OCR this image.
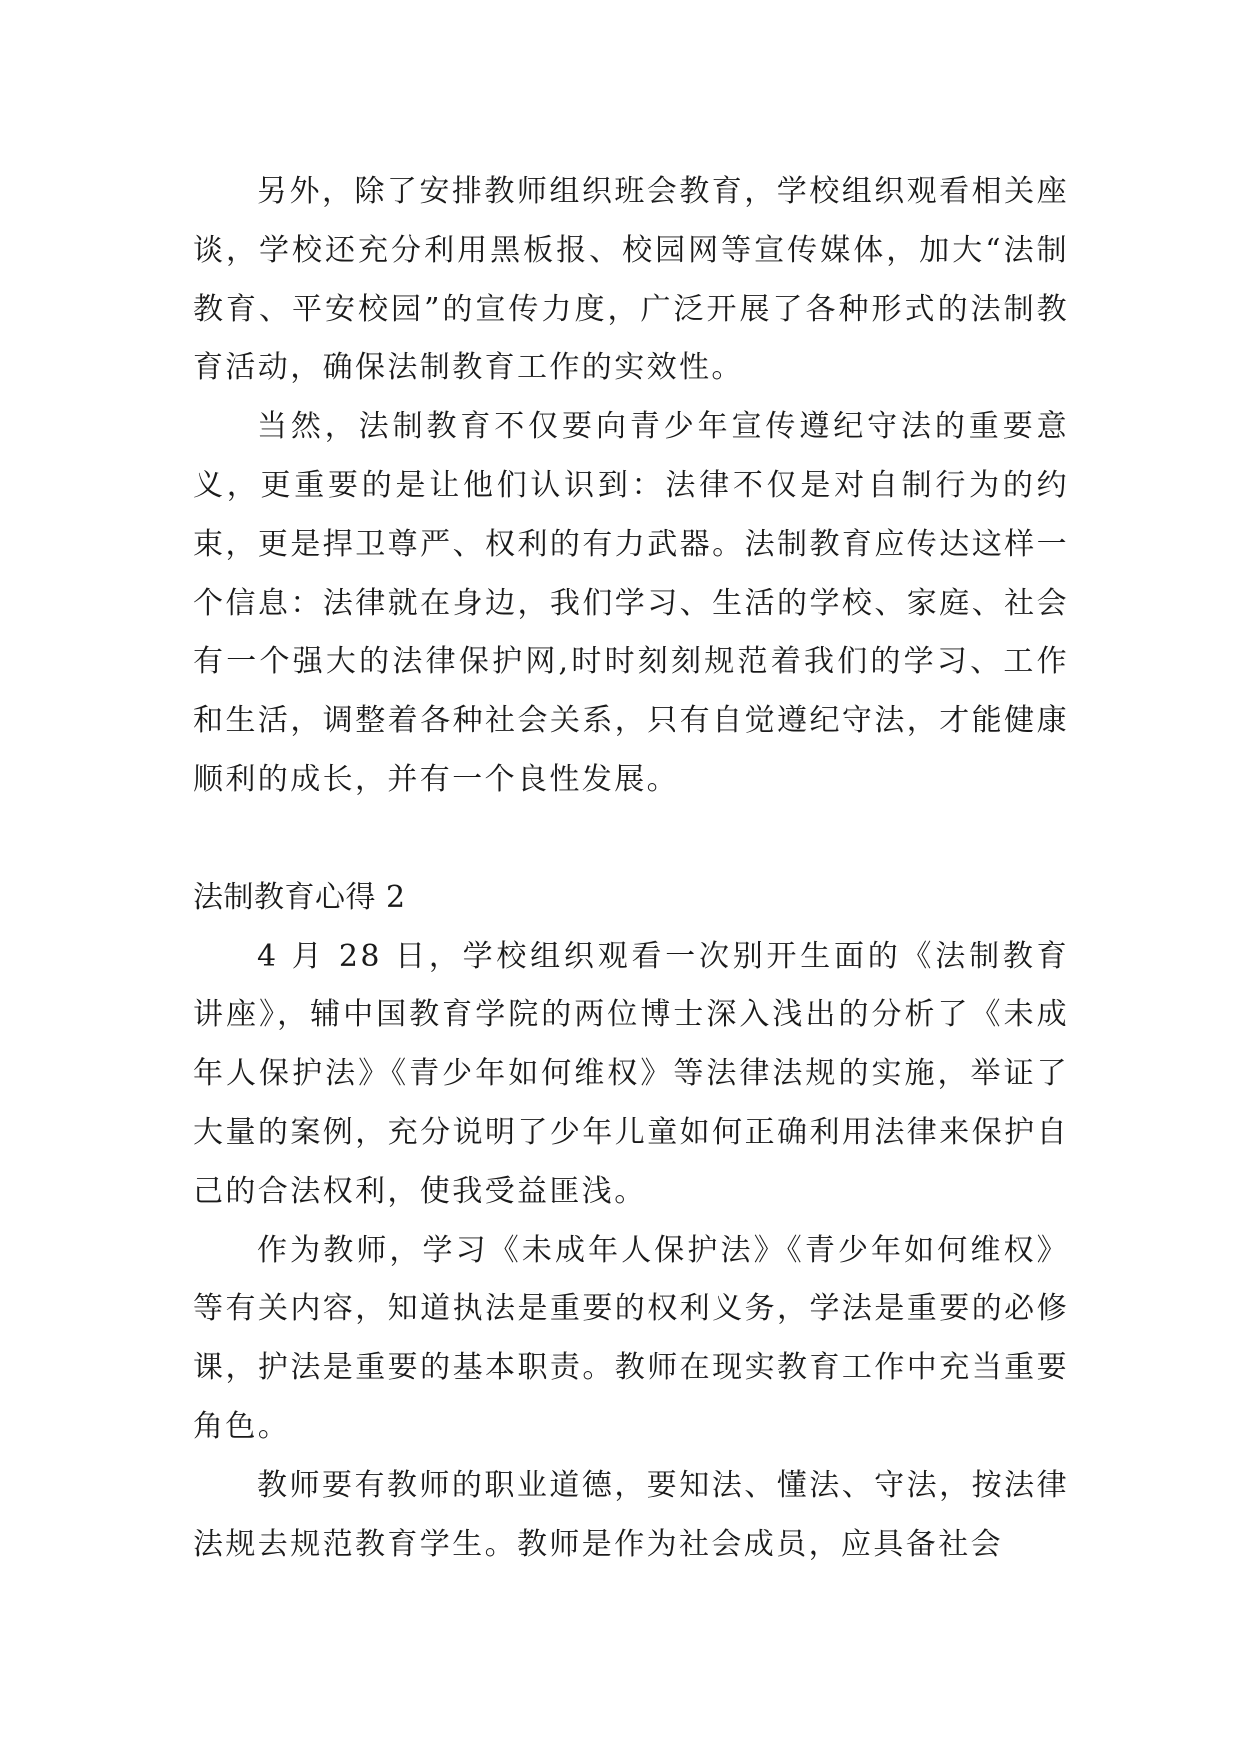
另外，除了安排教师组织班会教育，学校组织观看相关座谈，学校还充分利用黑板报、校园网等宣传媒体，加大“法制教育、平安校园”的宣传力度，广泛开展了各种形式的法制教育活动，确保法制教育工作的实效性。

当然，法制教育不仅要向青少年宣传遵纪守法的重要意义，更重要的是让他们认识到：法律不仅是对自制行为的约束，更是捍卫尊严、权利的有力武器。法制教育应传达这样一个信息：法律就在身边，我们学习、生活的学校、家庭、社会有一个强大的法律保护网,时时刻刻规范着我们的学习、工作和生活，调整着各种社会关系，只有自觉遵纪守法，才能健康顺利的成长，并有一个良性发展。

法制教育心得 2

4 月 28 日，学校组织观看一次别开生面的《法制教育讲座》，辅中国教育学院的两位博士深入浅出的分析了《未成年人保护法》《青少年如何维权》等法律法规的实施，举证了大量的案例，充分说明了少年儿童如何正确利用法律来保护自己的合法权利，使我受益匪浅。

作为教师，学习《未成年人保护法》《青少年如何维权》等有关内容，知道执法是重要的权利义务，学法是重要的必修课，护法是重要的基本职责。教师在现实教育工作中充当重要角色。

教师要有教师的职业道德，要知法、懂法、守法，按法律法规去规范教育学生。教师是作为社会成员，应具备社会
